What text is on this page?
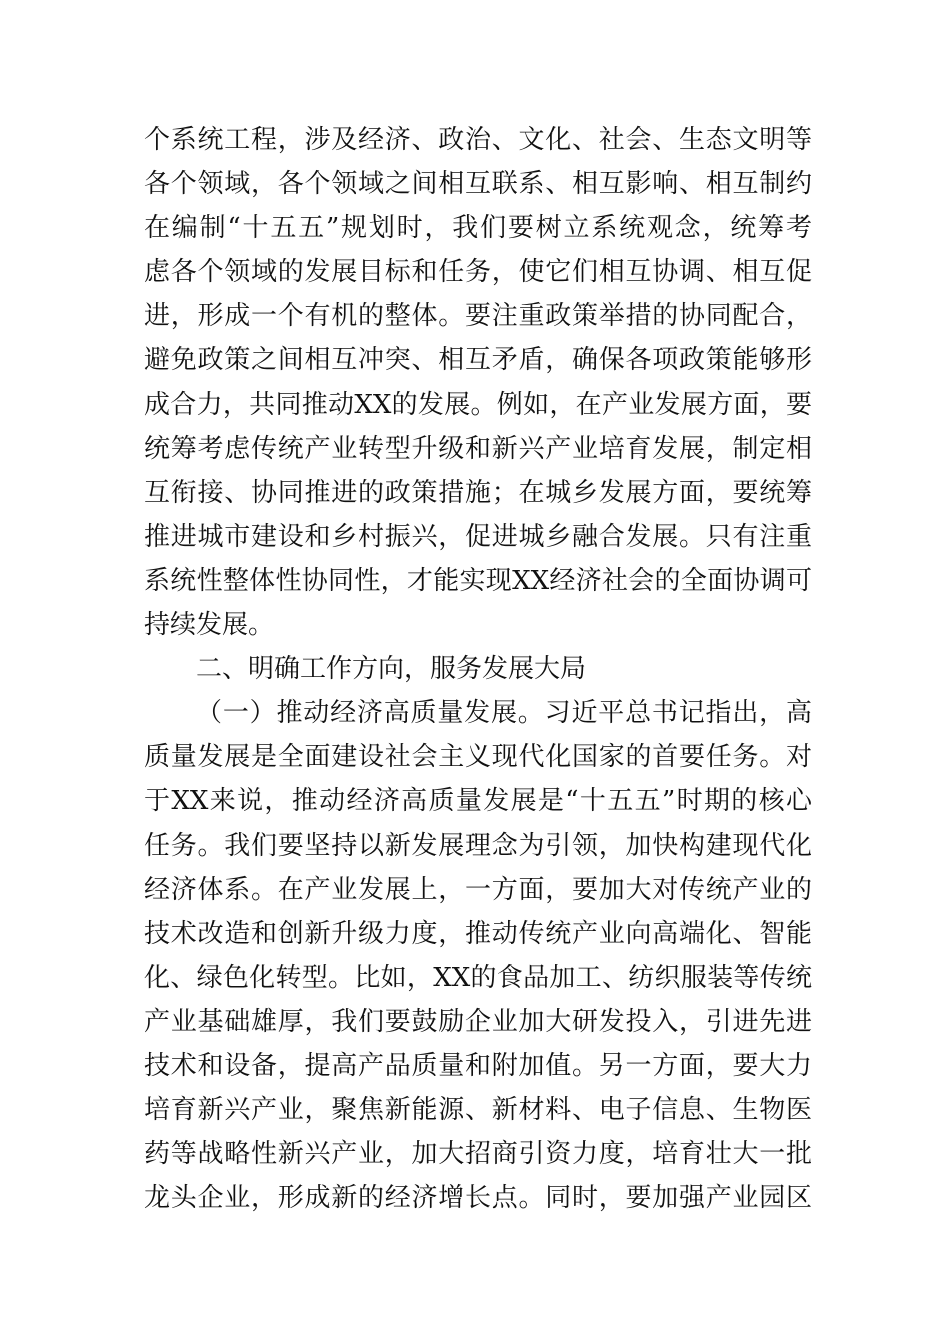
个系统工程，涉及经济、政治、文化、社会、生态文明等
各个领域，各个领域之间相互联系、相互影响、相互制约
在编制“十五五”规划时，我们要树立系统观念，统筹考
虑各个领域的发展目标和任务，使它们相互协调、相互促
进，形成一个有机的整体。要注重政策举措的协同配合，
避免政策之间相互冲突、相互矛盾，确保各项政策能够形
成合力，共同推动XX的发展。例如，在产业发展方面，要
统筹考虑传统产业转型升级和新兴产业培育发展，制定相
互衔接、协同推进的政策措施；在城乡发展方面，要统筹
推进城市建设和乡村振兴，促进城乡融合发展。只有注重
系统性整体性协同性，才能实现XX经济社会的全面协调可
持续发展。
二、明确工作方向，服务发展大局
（一）推动经济高质量发展。习近平总书记指出，高
质量发展是全面建设社会主义现代化国家的首要任务。对
于XX来说，推动经济高质量发展是“十五五”时期的核心
任务。我们要坚持以新发展理念为引领，加快构建现代化
经济体系。在产业发展上，一方面，要加大对传统产业的
技术改造和创新升级力度，推动传统产业向高端化、智能
化、绿色化转型。比如，XX的食品加工、纺织服装等传统
产业基础雄厚，我们要鼓励企业加大研发投入，引进先进
技术和设备，提高产品质量和附加值。另一方面，要大力
培育新兴产业，聚焦新能源、新材料、电子信息、生物医
药等战略性新兴产业，加大招商引资力度，培育壮大一批
龙头企业，形成新的经济增长点。同时，要加强产业园区
